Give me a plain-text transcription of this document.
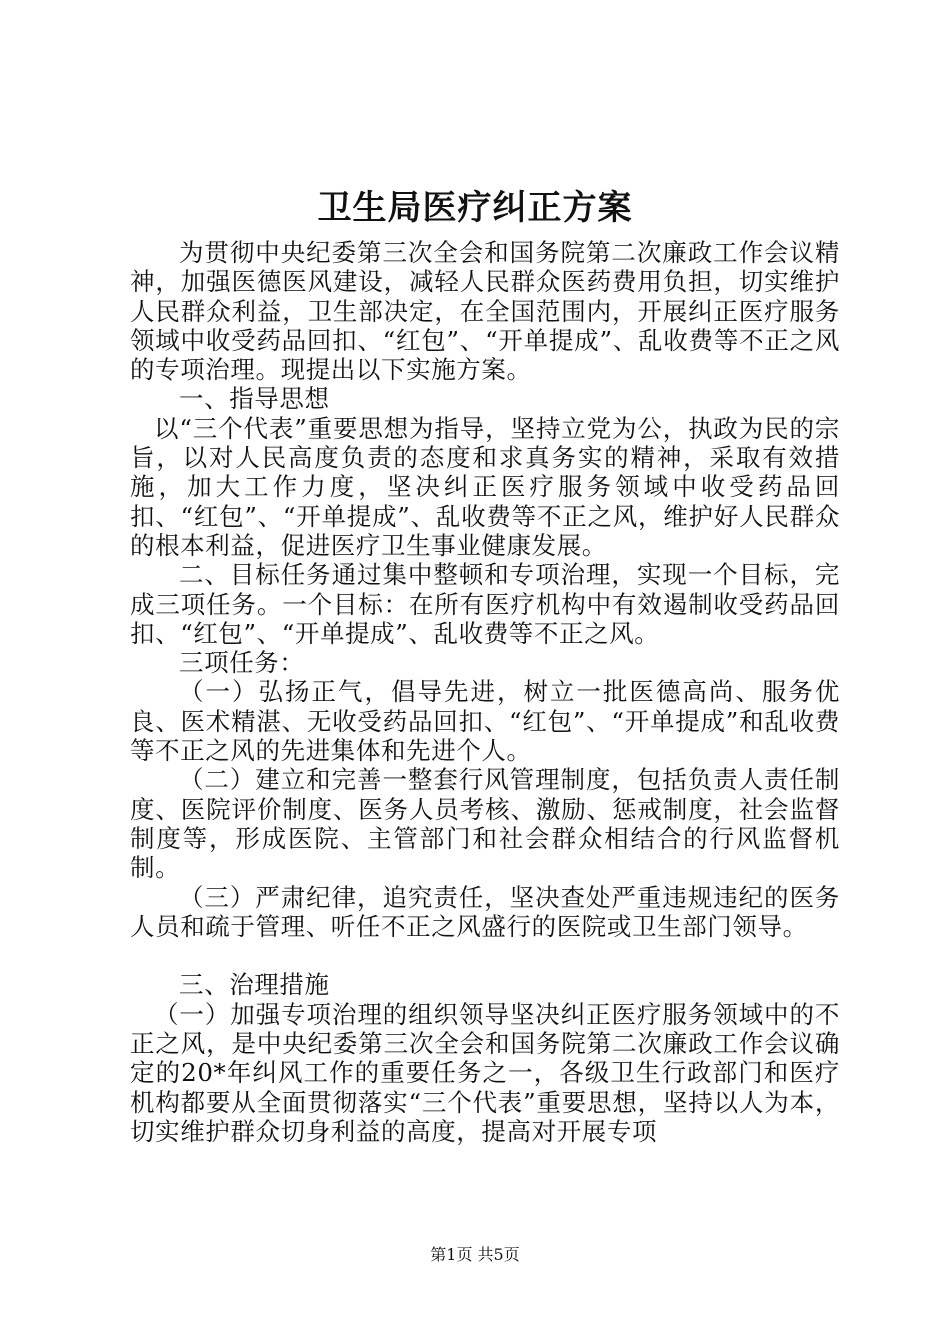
卫生局医疗纠正方案

为贯彻中央纪委第三次全会和国务院第二次廉政工作会议精神，加强医德医风建设，减轻人民群众医药费用负担，切实维护人民群众利益，卫生部决定，在全国范围内，开展纠正医疗服务领域中收受药品回扣、“红包”、“开单提成”、乱收费等不正之风的专项治理。现提出以下实施方案。

一、指导思想

以“三个代表”重要思想为指导，坚持立党为公，执政为民的宗旨，以对人民高度负责的态度和求真务实的精神，采取有效措施，加大工作力度，坚决纠正医疗服务领域中收受药品回扣、“红包”、“开单提成”、乱收费等不正之风，维护好人民群众的根本利益，促进医疗卫生事业健康发展。

二、目标任务通过集中整顿和专项治理，实现一个目标，完成三项任务。一个目标：在所有医疗机构中有效遏制收受药品回扣、“红包”、“开单提成”、乱收费等不正之风。

三项任务：

（一）弘扬正气，倡导先进，树立一批医德高尚、服务优良、医术精湛、无收受药品回扣、“红包”、“开单提成”和乱收费等不正之风的先进集体和先进个人。

（二）建立和完善一整套行风管理制度，包括负责人责任制度、医院评价制度、医务人员考核、激励、惩戒制度，社会监督制度等，形成医院、主管部门和社会群众相结合的行风监督机制。

（三）严肃纪律，追究责任，坚决查处严重违规违纪的医务人员和疏于管理、听任不正之风盛行的医院或卫生部门领导。

三、治理措施

（一）加强专项治理的组织领导坚决纠正医疗服务领域中的不正之风，是中央纪委第三次全会和国务院第二次廉政工作会议确定的20*年纠风工作的重要任务之一，各级卫生行政部门和医疗机构都要从全面贯彻落实“三个代表”重要思想，坚持以人为本，切实维护群众切身利益的高度，提高对开展专项

第1页 共5页
